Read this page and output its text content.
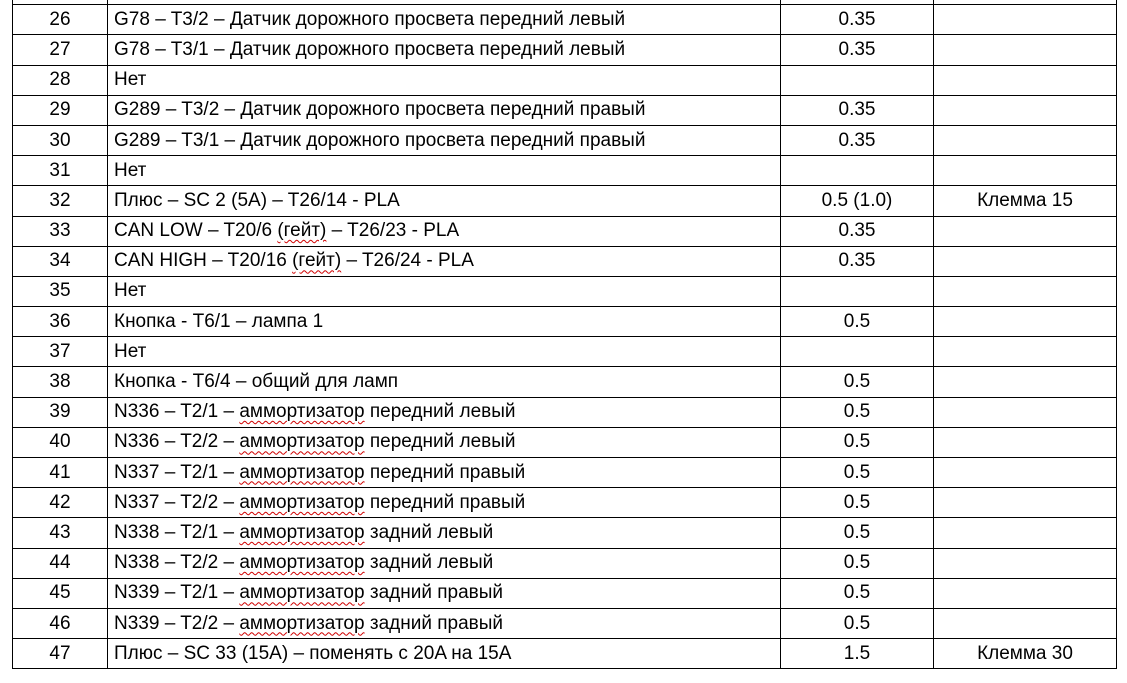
26	G78 – T3/2 – Датчик дорожного просвета передний левый	0.35	
27	G78 – T3/1 – Датчик дорожного просвета передний левый	0.35	
28	Нет		
29	G289 – T3/2 – Датчик дорожного просвета передний правый	0.35	
30	G289 – T3/1 – Датчик дорожного просвета передний правый	0.35	
31	Нет		
32	Плюс – SC 2 (5A) – T26/14 - PLA	0.5 (1.0)	Клемма 15
33	CAN LOW – T20/6 (гейт) – T26/23 - PLA	0.35	
34	CAN HIGH – T20/16 (гейт) – T26/24 - PLA	0.35	
35	Нет		
36	Кнопка - T6/1 – лампа 1	0.5	
37	Нет		
38	Кнопка - T6/4 – общий для ламп	0.5	
39	N336 – T2/1 – аммортизатор передний левый	0.5	
40	N336 – T2/2 – аммортизатор передний левый	0.5	
41	N337 – T2/1 – аммортизатор передний правый	0.5	
42	N337 – T2/2 – аммортизатор передний правый	0.5	
43	N338 – T2/1 – аммортизатор задний левый	0.5	
44	N338 – T2/2 – аммортизатор задний левый	0.5	
45	N339 – T2/1 – аммортизатор задний правый	0.5	
46	N339 – T2/2 – аммортизатор задний правый	0.5	
47	Плюс – SC 33 (15A) – поменять с 20A на 15A	1.5	Клемма 30
